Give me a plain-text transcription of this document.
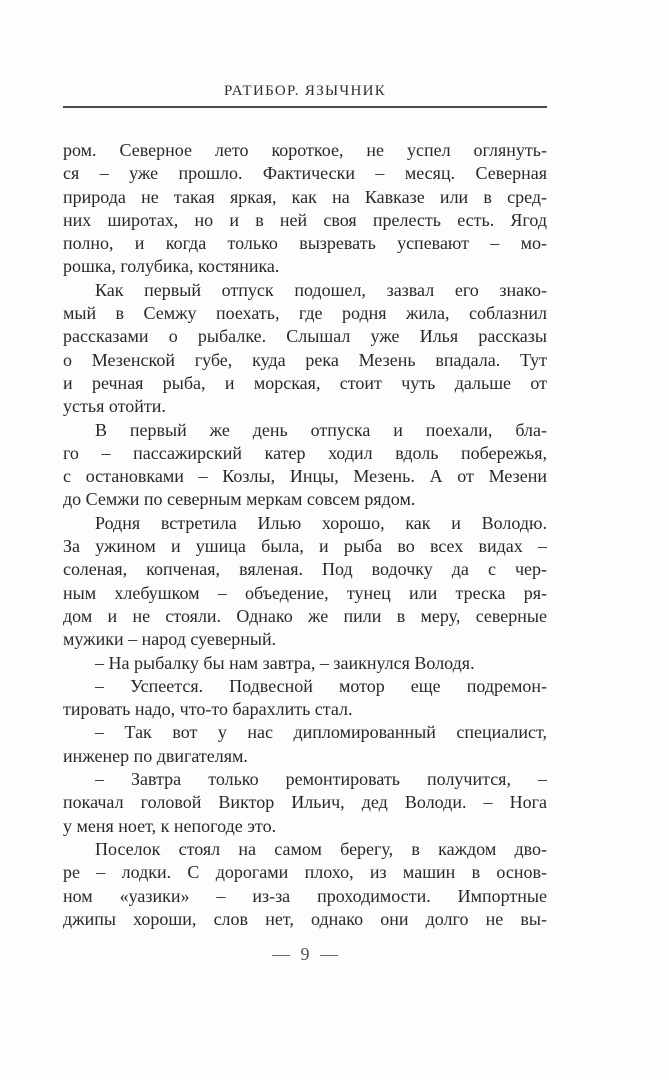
РАТИБОР. ЯЗЫЧНИК
ром. Северное лето короткое, не успел оглянуть-
ся – уже прошло. Фактически – месяц. Северная
природа не такая яркая, как на Кавказе или в сред-
них широтах, но и в ней своя прелесть есть. Ягод
полно, и когда только вызревать успевают – мо-
рошка, голубика, костяника.
Как первый отпуск подошел, зазвал его знако-
мый в Семжу поехать, где родня жила, соблазнил
рассказами о рыбалке. Слышал уже Илья рассказы
о Мезенской губе, куда река Мезень впадала. Тут
и речная рыба, и морская, стоит чуть дальше от
устья отойти.
В первый же день отпуска и поехали, бла-
го – пассажирский катер ходил вдоль побережья,
с остановками – Козлы, Инцы, Мезень. А от Мезени
до Семжи по северным меркам совсем рядом.
Родня встретила Илью хорошо, как и Володю.
За ужином и ушица была, и рыба во всех видах –
соленая, копченая, вяленая. Под водочку да с чер-
ным хлебушком – объедение, тунец или треска ря-
дом и не стояли. Однако же пили в меру, северные
мужики – народ суеверный.
– На рыбалку бы нам завтра, – заикнулся Володя.
– Успеется. Подвесной мотор еще подремон-
тировать надо, что-то барахлить стал.
– Так вот у нас дипломированный специалист,
инженер по двигателям.
– Завтра только ремонтировать получится, –
покачал головой Виктор Ильич, дед Володи. – Нога
у меня ноет, к непогоде это.
Поселок стоял на самом берегу, в каждом дво-
ре – лодки. С дорогами плохо, из машин в основ-
ном «уазики» – из-за проходимости. Импортные
джипы хороши, слов нет, однако они долго не вы-
— 9 —
